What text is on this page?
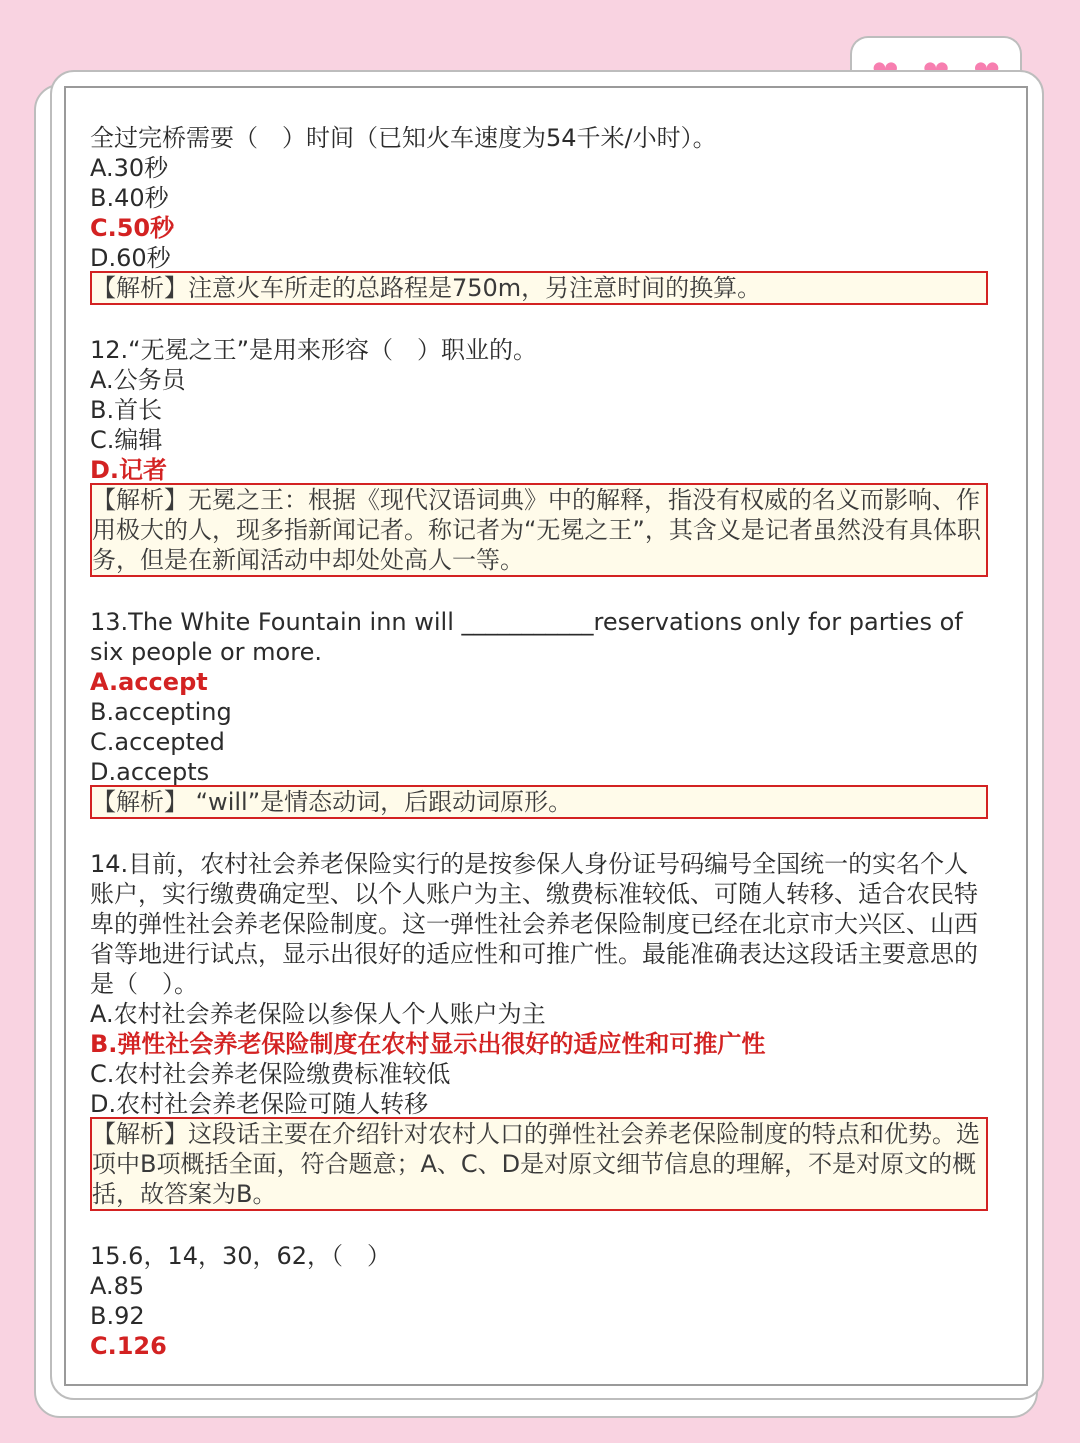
全过完桥需要（　）时间（已知火车速度为54千米/小时）。
A.30秒
B.40秒
C.50秒
D.60秒
【解析】注意火车所走的总路程是750m，另注意时间的换算。
12.“无冕之王”是用来形容（　）职业的。
A.公务员
B.首长
C.编辑
D.记者
【解析】无冕之王：根据《现代汉语词典》中的解释，指没有权威的名义而影响、作用极大的人，现多指新闻记者。称记者为“无冕之王”，其含义是记者虽然没有具体职务，但是在新闻活动中却处处高人一等。
13.The White Fountain inn will ___________reservations only for parties of six people or more.
A.accept
B.accepting
C.accepted
D.accepts
【解析】 “will”是情态动词，后跟动词原形。
14.目前，农村社会养老保险实行的是按参保人身份证号码编号全国统一的实名个人账户，实行缴费确定型、以个人账户为主、缴费标准较低、可随人转移、适合农民特卑的弹性社会养老保险制度。这一弹性社会养老保险制度已经在北京市大兴区、山西省等地进行试点，显示出很好的适应性和可推广性。最能准确表达这段话主要意思的是（　）。
A.农村社会养老保险以参保人个人账户为主
B.弹性社会养老保险制度在农村显示出很好的适应性和可推广性
C.农村社会养老保险缴费标准较低
D.农村社会养老保险可随人转移
【解析】这段话主要在介绍针对农村人口的弹性社会养老保险制度的特点和优势。选项中B项概括全面，符合题意；A、C、D是对原文细节信息的理解，不是对原文的概括，故答案为B。
15.6，14，30，62，（　）
A.85
B.92
C.126
